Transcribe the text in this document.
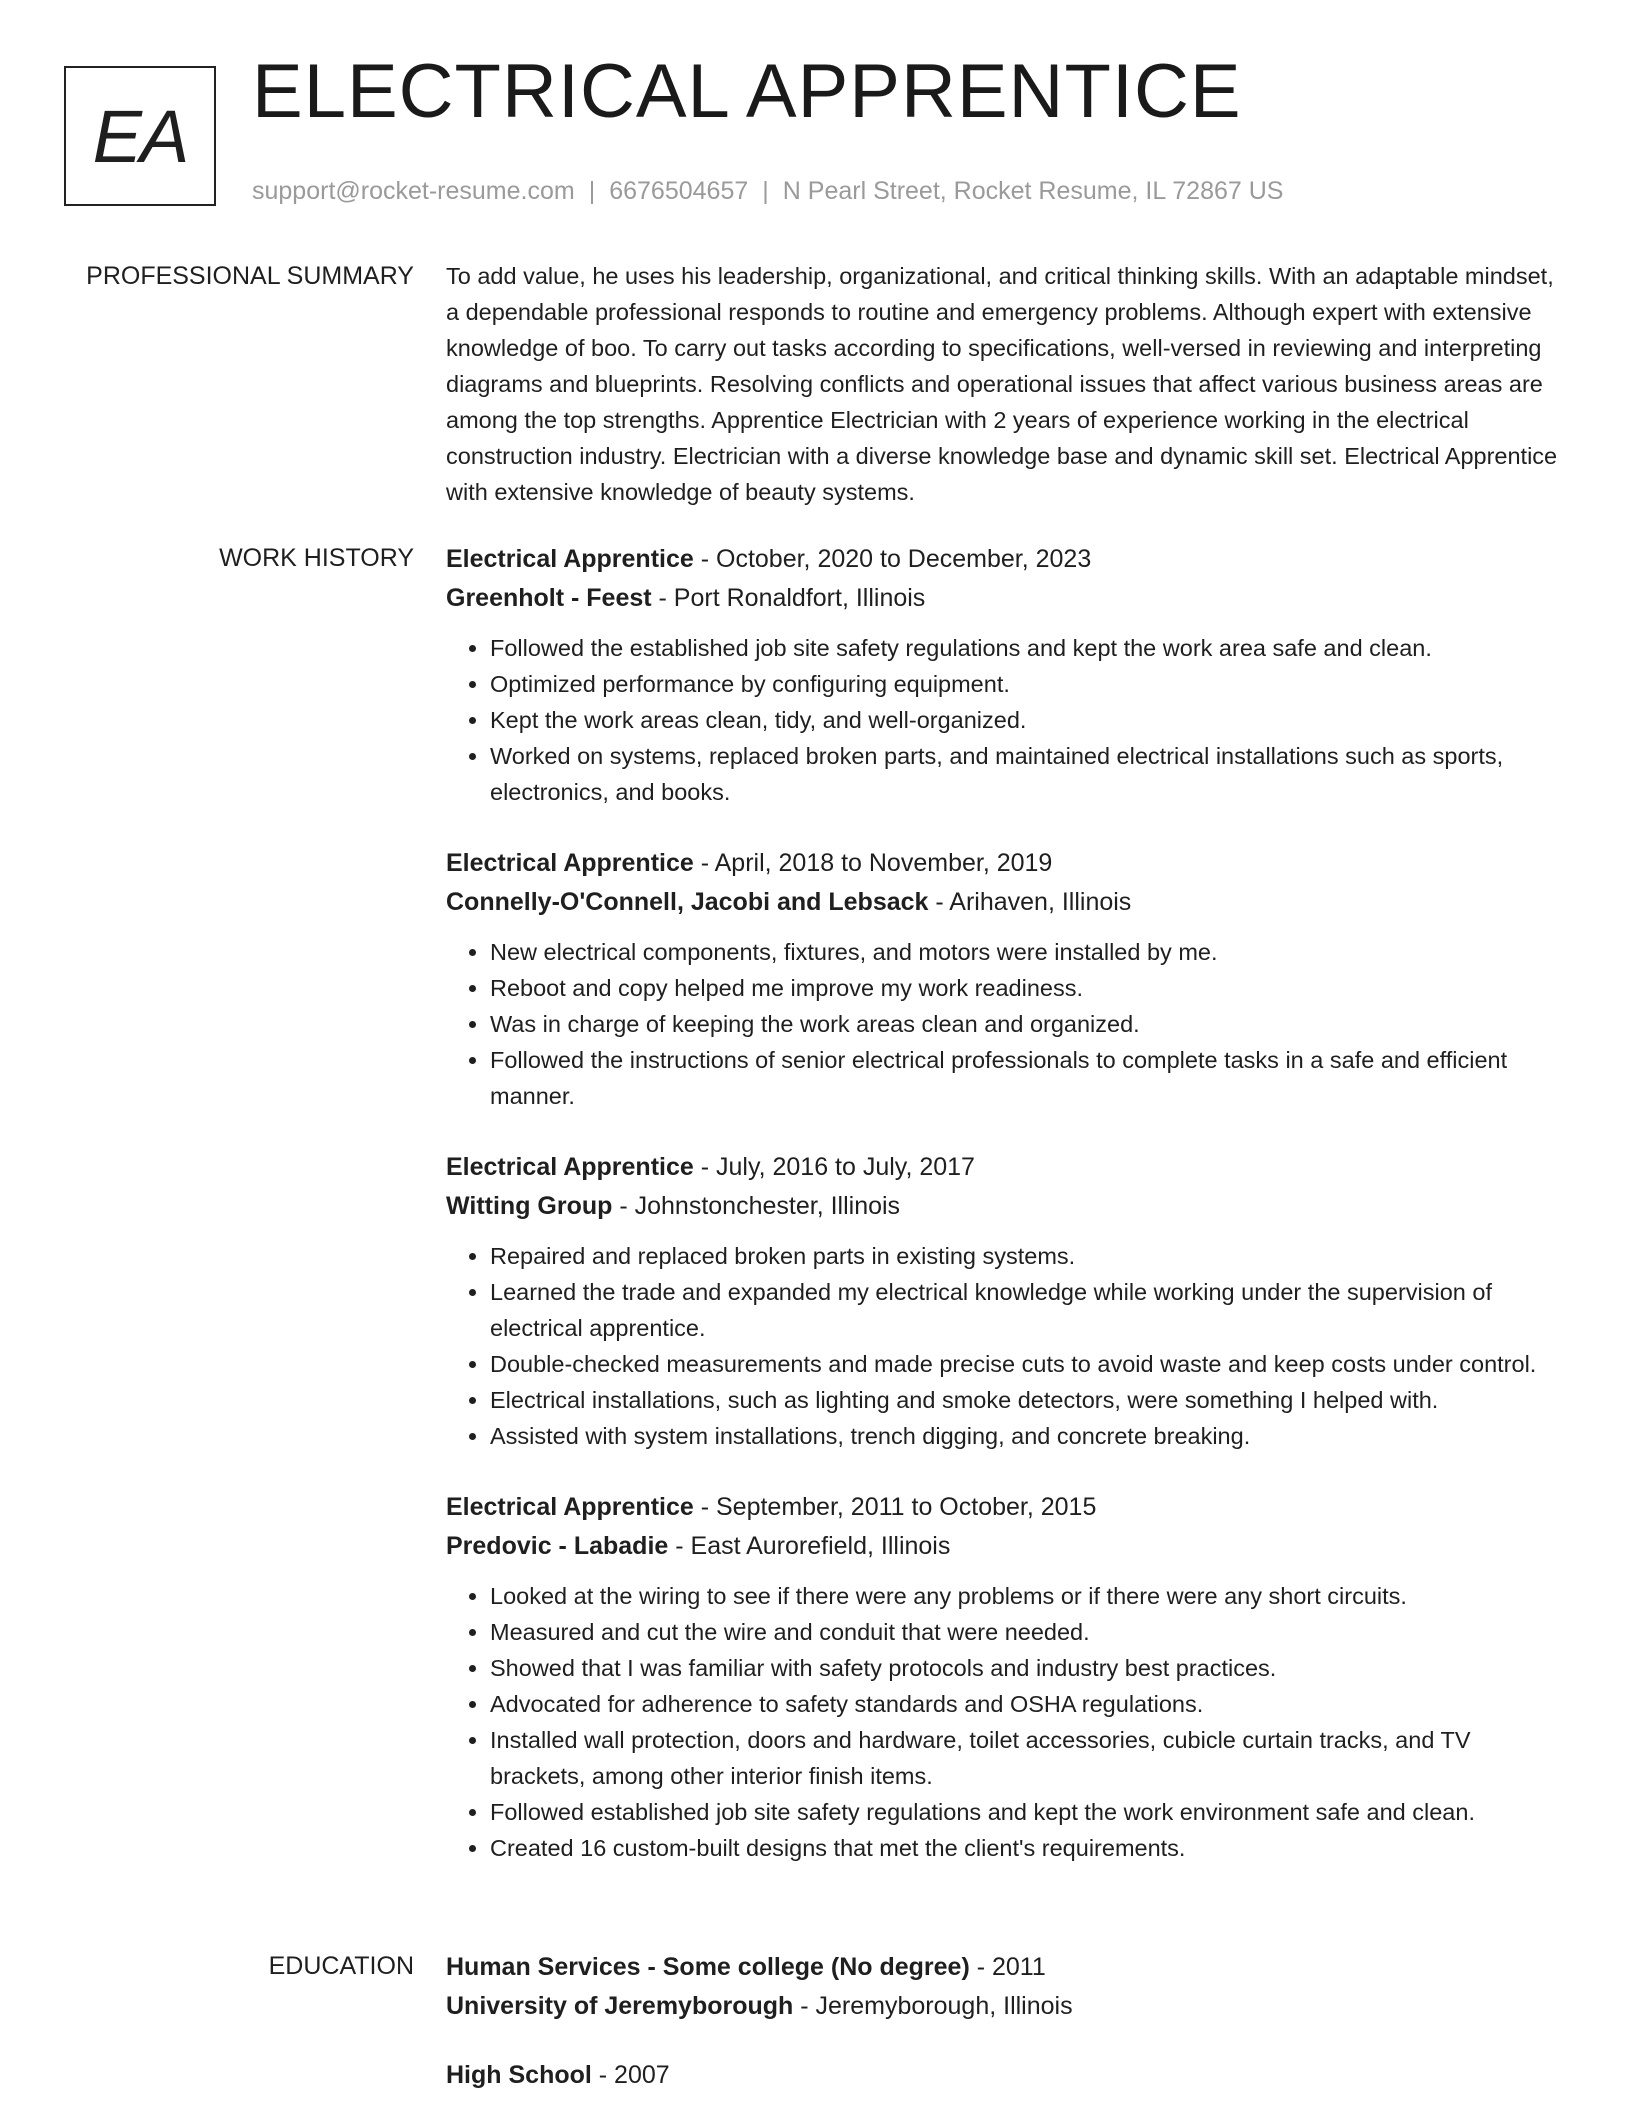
EA
ELECTRICAL APPRENTICE
support@rocket-resume.com | 6676504657 | N Pearl Street, Rocket Resume, IL 72867 US
PROFESSIONAL SUMMARY To add value, he uses his leadership, organizational, and critical thinking skills. With an adaptable mindset, a dependable professional responds to routine and emergency problems. Although expert with extensive knowledge of boo. To carry out tasks according to specifications, well-versed in reviewing and interpreting diagrams and blueprints. Resolving conflicts and operational issues that affect various business areas are among the top strengths. Apprentice Electrician with 2 years of experience working in the electrical construction industry. Electrician with a diverse knowledge base and dynamic skill set. Electrical Apprentice with extensive knowledge of beauty systems.

WORK HISTORY Electrical Apprentice - October, 2020 to December, 2023

Greenholt - Feest - Port Ronaldfort, Illinois

• Followed the established job site safety regulations and kept the work area safe and clean.
• Optimized performance by configuring equipment.
• Kept the work areas clean, tidy, and well-organized.
• Worked on systems, replaced broken parts, and maintained electrical installations such as sports, electronics, and books.

Electrical Apprentice - April, 2018 to November, 2019

Connelly-O'Connell, Jacobi and Lebsack - Arihaven, Illinois

• New electrical components, fixtures, and motors were installed by me.
• Reboot and copy helped me improve my work readiness.
• Was in charge of keeping the work areas clean and organized.
• Followed the instructions of senior electrical professionals to complete tasks in a safe and efficient manner.

Electrical Apprentice - July, 2016 to July, 2017

Witting Group - Johnstonchester, Illinois

• Repaired and replaced broken parts in existing systems.
• Learned the trade and expanded my electrical knowledge while working under the supervision of electrical apprentice.
• Double-checked measurements and made precise cuts to avoid waste and keep costs under control.
• Electrical installations, such as lighting and smoke detectors, were something I helped with.
• Assisted with system installations, trench digging, and concrete breaking.

Electrical Apprentice - September, 2011 to October, 2015

Predovic - Labadie - East Aurorefield, Illinois

• Looked at the wiring to see if there were any problems or if there were any short circuits.
• Measured and cut the wire and conduit that were needed.
• Showed that I was familiar with safety protocols and industry best practices.
• Advocated for adherence to safety standards and OSHA regulations.
• Installed wall protection, doors and hardware, toilet accessories, cubicle curtain tracks, and TV brackets, among other interior finish items.
• Followed established job site safety regulations and kept the work environment safe and clean.
• Created 16 custom-built designs that met the client's requirements.
EDUCATION Human Services - Some college (No degree) - 2011

University of Jeremyborough - Jeremyborough, Illinois

High School - 2007
